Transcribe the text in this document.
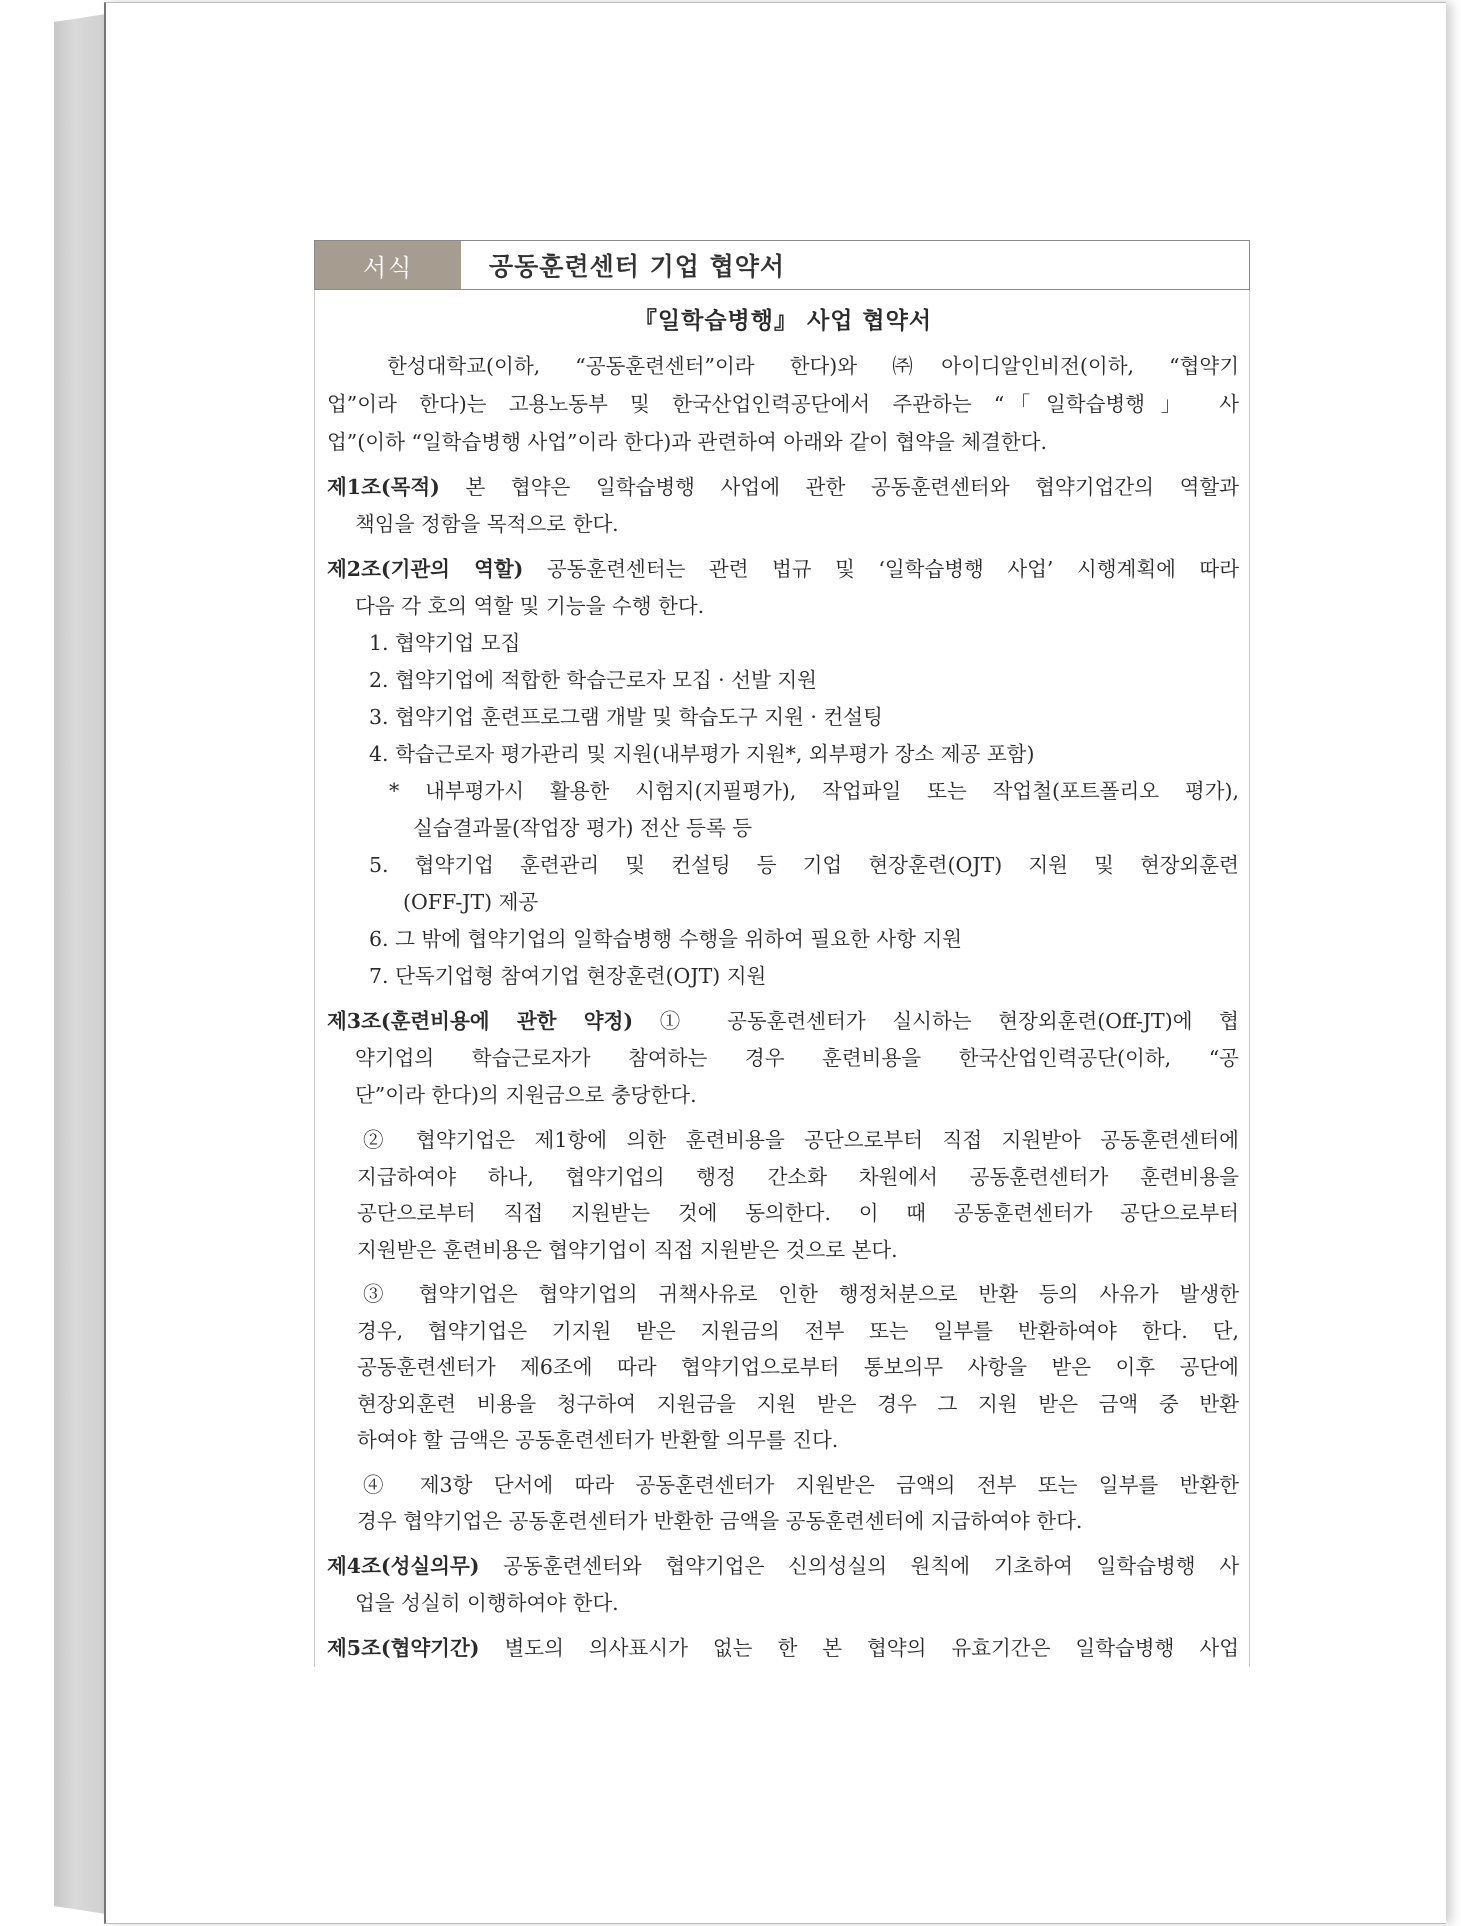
서식	공동훈련센터 기업 협약서
『일학습병행』 사업 협약서

한성대학교(이하, “공동훈련센터”이라 한다)와 ㈜아이디알인비전(이하, “협약기

업”이라 한다)는 고용노동부 및 한국산업인력공단에서 주관하는 “「일학습병행」 사

업”(이하 “일학습병행 사업”이라 한다)과 관련하여 아래와 같이 협약을 체결한다.

제1조(목적) 본 협약은 일학습병행 사업에 관한 공동훈련센터와 협약기업간의 역할과

책임을 정함을 목적으로 한다.

제2조(기관의 역할) 공동훈련센터는 관련 법규 및 ‘일학습병행 사업’ 시행계획에 따라

다음 각 호의 역할 및 기능을 수행 한다.

1. 협약기업 모집

2. 협약기업에 적합한 학습근로자 모집 · 선발 지원

3. 협약기업 훈련프로그램 개발 및 학습도구 지원 · 컨설팅

4. 학습근로자 평가관리 및 지원(내부평가 지원*, 외부평가 장소 제공 포함)

* 내부평가시 활용한 시험지(지필평가), 작업파일 또는 작업철(포트폴리오 평가),

실습결과물(작업장 평가) 전산 등록 등

5. 협약기업 훈련관리 및 컨설팅 등 기업 현장훈련(OJT) 지원 및 현장외훈련

(OFF-JT) 제공

6. 그 밖에 협약기업의 일학습병행 수행을 위하여 필요한 사항 지원

7. 단독기업형 참여기업 현장훈련(OJT) 지원

제3조(훈련비용에 관한 약정) ① 공동훈련센터가 실시하는 현장외훈련(Off-JT)에 협

약기업의 학습근로자가 참여하는 경우 훈련비용을 한국산업인력공단(이하, “공

단”이라 한다)의 지원금으로 충당한다.

② 협약기업은 제1항에 의한 훈련비용을 공단으로부터 직접 지원받아 공동훈련센터에

지급하여야 하나, 협약기업의 행정 간소화 차원에서 공동훈련센터가 훈련비용을

공단으로부터 직접 지원받는 것에 동의한다. 이 때 공동훈련센터가 공단으로부터

지원받은 훈련비용은 협약기업이 직접 지원받은 것으로 본다.

③ 협약기업은 협약기업의 귀책사유로 인한 행정처분으로 반환 등의 사유가 발생한

경우, 협약기업은 기지원 받은 지원금의 전부 또는 일부를 반환하여야 한다. 단,

공동훈련센터가 제6조에 따라 협약기업으로부터 통보의무 사항을 받은 이후 공단에

현장외훈련 비용을 청구하여 지원금을 지원 받은 경우 그 지원 받은 금액 중 반환

하여야 할 금액은 공동훈련센터가 반환할 의무를 진다.

④ 제3항 단서에 따라 공동훈련센터가 지원받은 금액의 전부 또는 일부를 반환한

경우 협약기업은 공동훈련센터가 반환한 금액을 공동훈련센터에 지급하여야 한다.

제4조(성실의무) 공동훈련센터와 협약기업은 신의성실의 원칙에 기초하여 일학습병행 사

업을 성실히 이행하여야 한다.

제5조(협약기간) 별도의 의사표시가 없는 한 본 협약의 유효기간은 일학습병행 사업
